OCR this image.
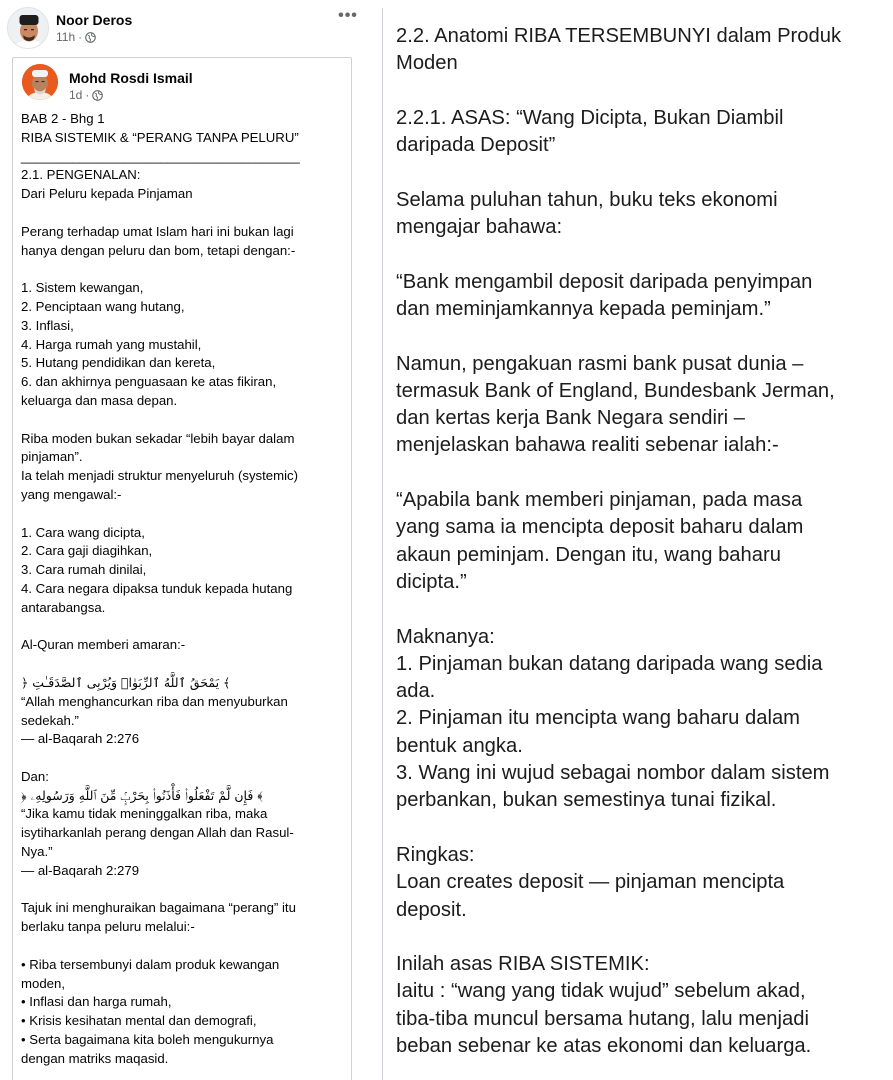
Noor Deros
11h ·
•••
Mohd Rosdi Ismail
1d ·
BAB 2 - Bhg 1
RIBA SISTEMIK & “PERANG TANPA PELURU”
______________________________________
2.1. PENGENALAN:
Dari Peluru kepada Pinjaman
Perang terhadap umat Islam hari ini bukan lagi
hanya dengan peluru dan bom, tetapi dengan:-
1. Sistem kewangan,
2. Penciptaan wang hutang,
3. Inflasi,
4. Harga rumah yang mustahil,
5. Hutang pendidikan dan kereta,
6. dan akhirnya penguasaan ke atas fikiran,
keluarga dan masa depan.
Riba moden bukan sekadar “lebih bayar dalam
pinjaman”.
Ia telah menjadi struktur menyeluruh (systemic)
yang mengawal:-
1. Cara wang dicipta,
2. Cara gaji diagihkan,
3. Cara rumah dinilai,
4. Cara negara dipaksa tunduk kepada hutang
antarabangsa.
Al-Quran memberi amaran:-
﴾ يَمْحَقُ ٱللَّهُ ٱلرِّبَوٰا۟ وَيُرْبِى ٱلصَّدَقَـٰتِ ﴿
“Allah menghancurkan riba dan menyuburkan
sedekah.”
— al-Baqarah 2:276
Dan:
﴾ فَإِن لَّمْ تَفْعَلُوا۟ فَأْذَنُوا۟ بِحَرْبٍۢ مِّنَ ٱللَّهِ وَرَسُولِهِۦ ﴿
“Jika kamu tidak meninggalkan riba, maka
isytiharkanlah perang dengan Allah dan Rasul-
Nya.”
— al-Baqarah 2:279
Tajuk ini menghuraikan bagaimana “perang” itu
berlaku tanpa peluru melalui:-
• Riba tersembunyi dalam produk kewangan
moden,
• Inflasi dan harga rumah,
• Krisis kesihatan mental dan demografi,
• Serta bagaimana kita boleh mengukurnya
dengan matriks maqasid.
2.2. Anatomi RIBA TERSEMBUNYI dalam Produk
Moden
2.2.1. ASAS: “Wang Dicipta, Bukan Diambil
daripada Deposit”
Selama puluhan tahun, buku teks ekonomi
mengajar bahawa:
“Bank mengambil deposit daripada penyimpan
dan meminjamkannya kepada peminjam.”
Namun, pengakuan rasmi bank pusat dunia –
termasuk Bank of England, Bundesbank Jerman,
dan kertas kerja Bank Negara sendiri –
menjelaskan bahawa realiti sebenar ialah:-
“Apabila bank memberi pinjaman, pada masa
yang sama ia mencipta deposit baharu dalam
akaun peminjam. Dengan itu, wang baharu
dicipta.”
Maknanya:
1. Pinjaman bukan datang daripada wang sedia
ada.
2. Pinjaman itu mencipta wang baharu dalam
bentuk angka.
3. Wang ini wujud sebagai nombor dalam sistem
perbankan, bukan semestinya tunai fizikal.
Ringkas:
Loan creates deposit — pinjaman mencipta
deposit.
Inilah asas RIBA SISTEMIK:
Iaitu : “wang yang tidak wujud” sebelum akad,
tiba-tiba muncul bersama hutang, lalu menjadi
beban sebenar ke atas ekonomi dan keluarga.
